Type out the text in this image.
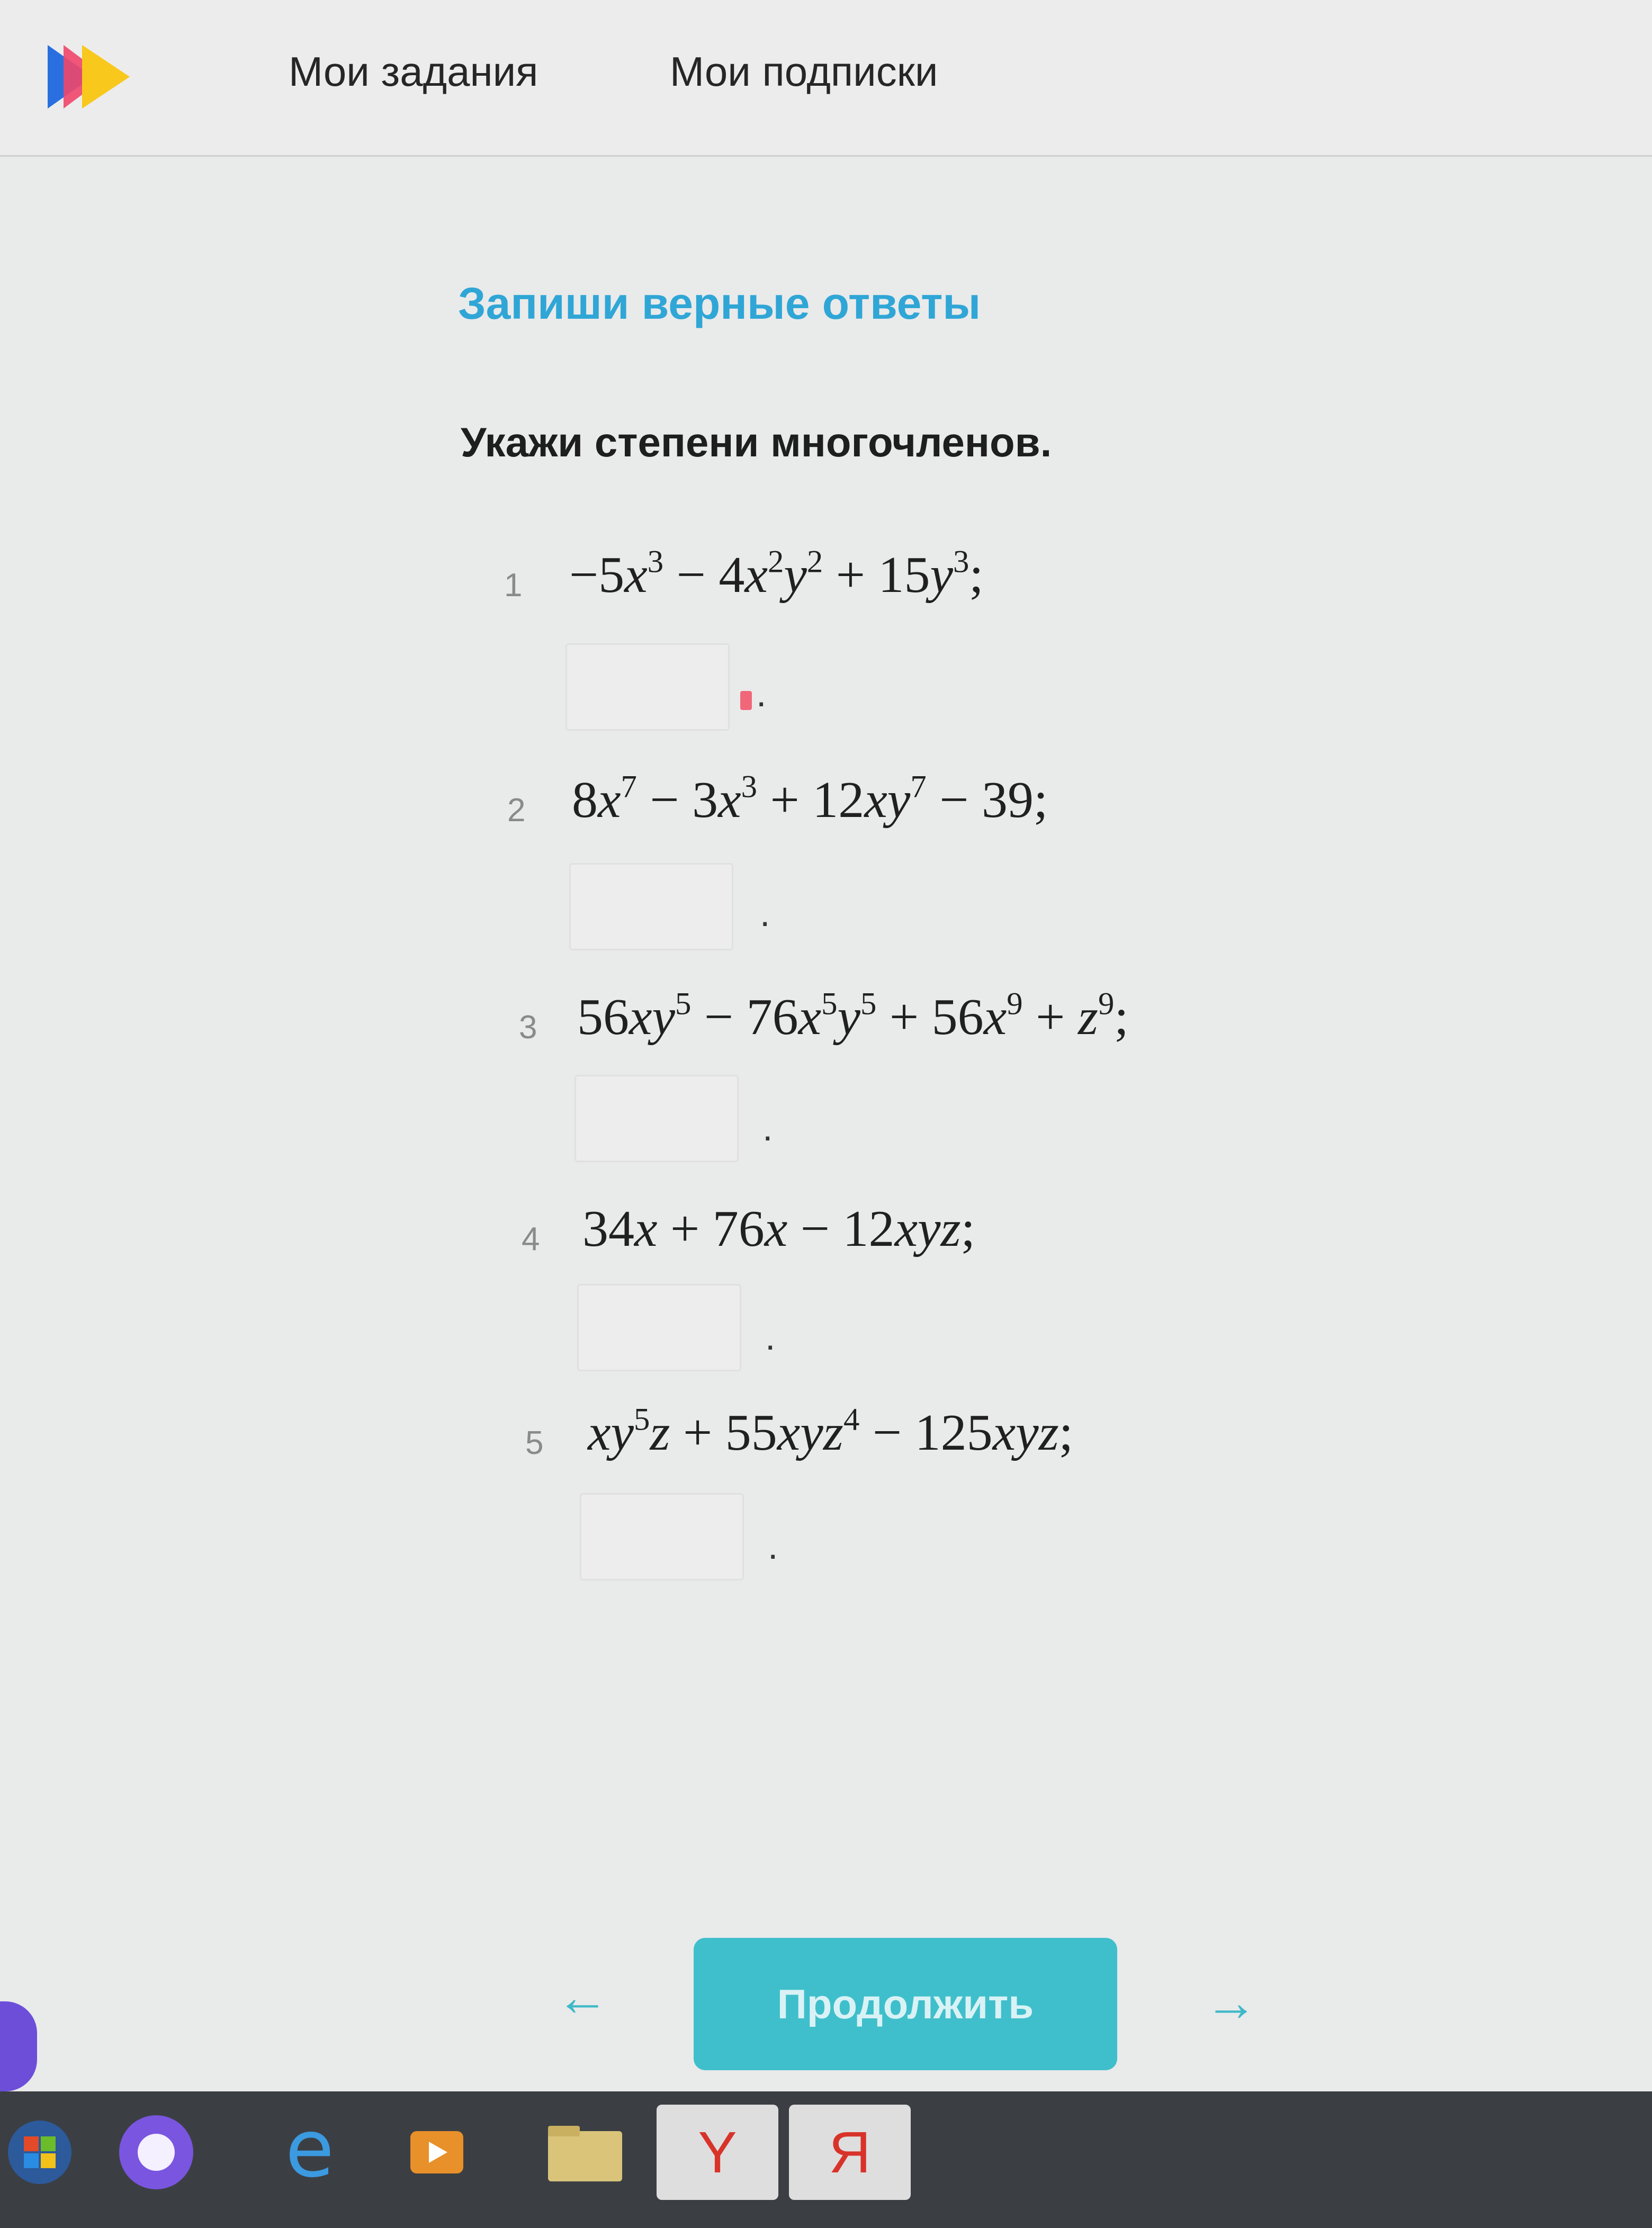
Мои задания	Мои подписки
Запиши верные ответы
Укажи степени многочленов.
$1 -5x^3 - 4x^2y^2 + 15y^3$;
.
2 $8x^7 - 3x^3 + 12xy^7 - 39$;
.
3 $56xy^5 - 76x^5y^5 + 56x^9 + z^9$;
.
4 34x + 76x − 12xyz;
.
5 $xy^5z + 55xyz^4 - 125xyz$;
.
←	Продолжить	→
e	Y	Я
